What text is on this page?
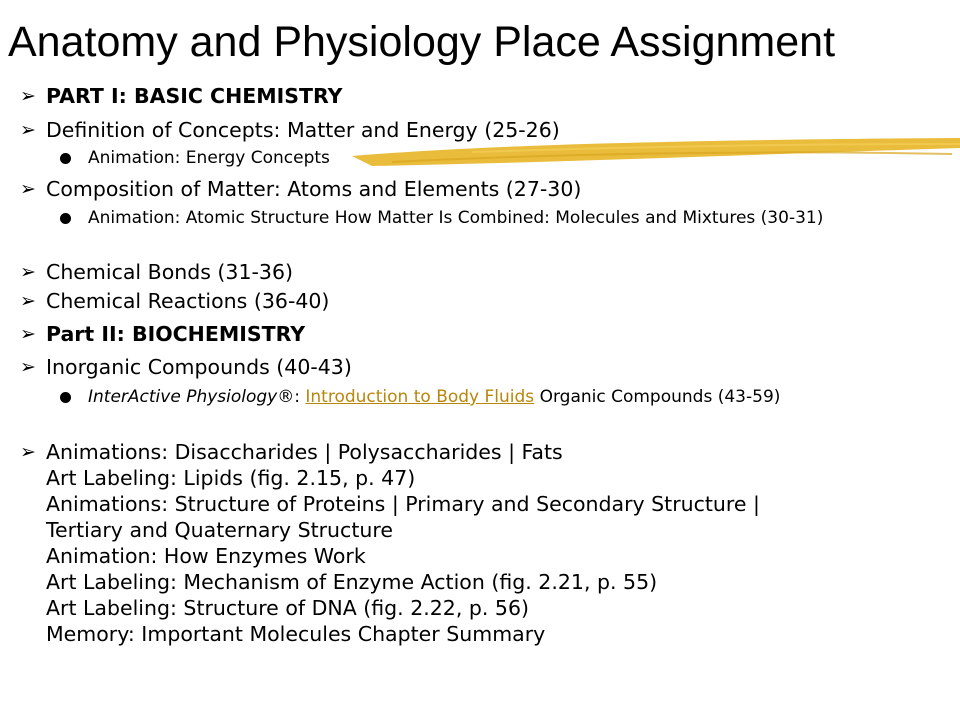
Anatomy and Physiology Place Assignment
➢ PART I: BASIC CHEMISTRY
➢ Definition of Concepts: Matter and Energy (25-26)
Animation: Energy Concepts
➢ Composition of Matter: Atoms and Elements (27-30)
Animation: Atomic Structure How Matter Is Combined: Molecules and Mixtures (30-31)
➢ Chemical Bonds (31-36)
➢ Chemical Reactions (36-40)
➢ Part II: BIOCHEMISTRY
➢ Inorganic Compounds (40-43)
InterActive Physiology®: Introduction to Body Fluids Organic Compounds (43-59)
➢ Animations: Disaccharides | Polysaccharides | Fats
Art Labeling: Lipids (fig. 2.15, p. 47)
Animations: Structure of Proteins | Primary and Secondary Structure |
Tertiary and Quaternary Structure
Animation: How Enzymes Work
Art Labeling: Mechanism of Enzyme Action (fig. 2.21, p. 55)
Art Labeling: Structure of DNA (fig. 2.22, p. 56)
Memory: Important Molecules Chapter Summary
